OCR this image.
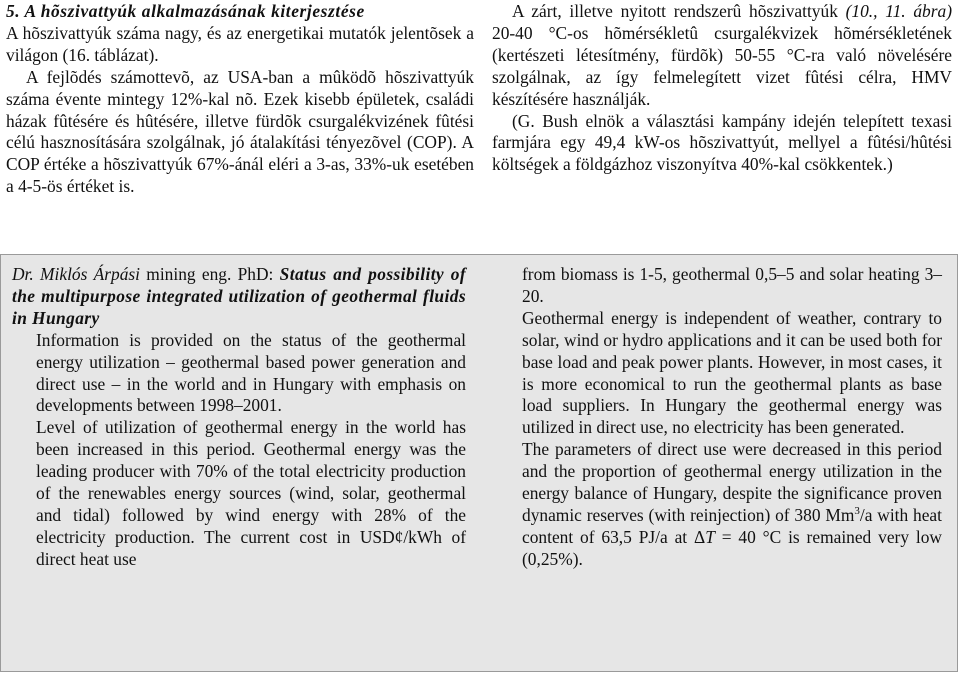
5. A hõszivattyúk alkalmazásának kiterjesztése

A hõszivattyúk száma nagy, és az energetikai mutatók jelentõsek a világon (16. táblázat).

A fejlõdés számottevõ, az USA-ban a mûködõ hõszivattyúk száma évente mintegy 12%-kal nõ. Ezek kisebb épületek, családi házak fûtésére és hûtésére, illetve fürdõk csurgalékvizének fûtési célú hasznosítására szolgálnak, jó átalakítási tényezõvel (COP). A COP értéke a hõszivattyúk 67%-ánál eléri a 3-as, 33%-uk esetében a 4-5-ös értéket is.

A zárt, illetve nyitott rendszerû hõszivattyúk (10., 11. ábra) 20-40 °C-os hõmérsékletû csurgalékvizek hõmérsékletének (kertészeti létesítmény, fürdõk) 50-55 °C-ra való növelésére szolgálnak, az így felmelegített vizet fûtési célra, HMV készítésére használják.

(G. Bush elnök a választási kampány idején telepített texasi farmjára egy 49,4 kW-os hõszivattyút, mellyel a fûtési/hûtési költségek a földgázhoz viszonyítva 40%-kal csökkentek.)

Dr. Miklós Árpási mining eng. PhD: Status and possibility of the multipurpose integrated utilization of geothermal fluids in Hungary

Information is provided on the status of the geothermal energy utilization – geothermal based power generation and direct use – in the world and in Hungary with emphasis on developments between 1998–2001.

Level of utilization of geothermal energy in the world has been increased in this period. Geothermal energy was the leading producer with 70% of the total electricity production of the renewables energy sources (wind, solar, geothermal and tidal) followed by wind energy with 28% of the electricity production. The current cost in USD¢/kWh of direct heat use

from biomass is 1-5, geothermal 0,5–5 and solar heating 3–20.

Geothermal energy is independent of weather, contrary to solar, wind or hydro applications and it can be used both for base load and peak power plants. However, in most cases, it is more economical to run the geothermal plants as base load suppliers. In Hungary the geothermal energy was utilized in direct use, no electricity has been generated.

The parameters of direct use were decreased in this period and the proportion of geothermal energy utilization in the energy balance of Hungary, despite the significance proven dynamic reserves (with reinjection) of 380 Mm$^3$/a with heat content of 63,5 PJ/a at ΔT = 40 °C is remained very low (0,25%).
